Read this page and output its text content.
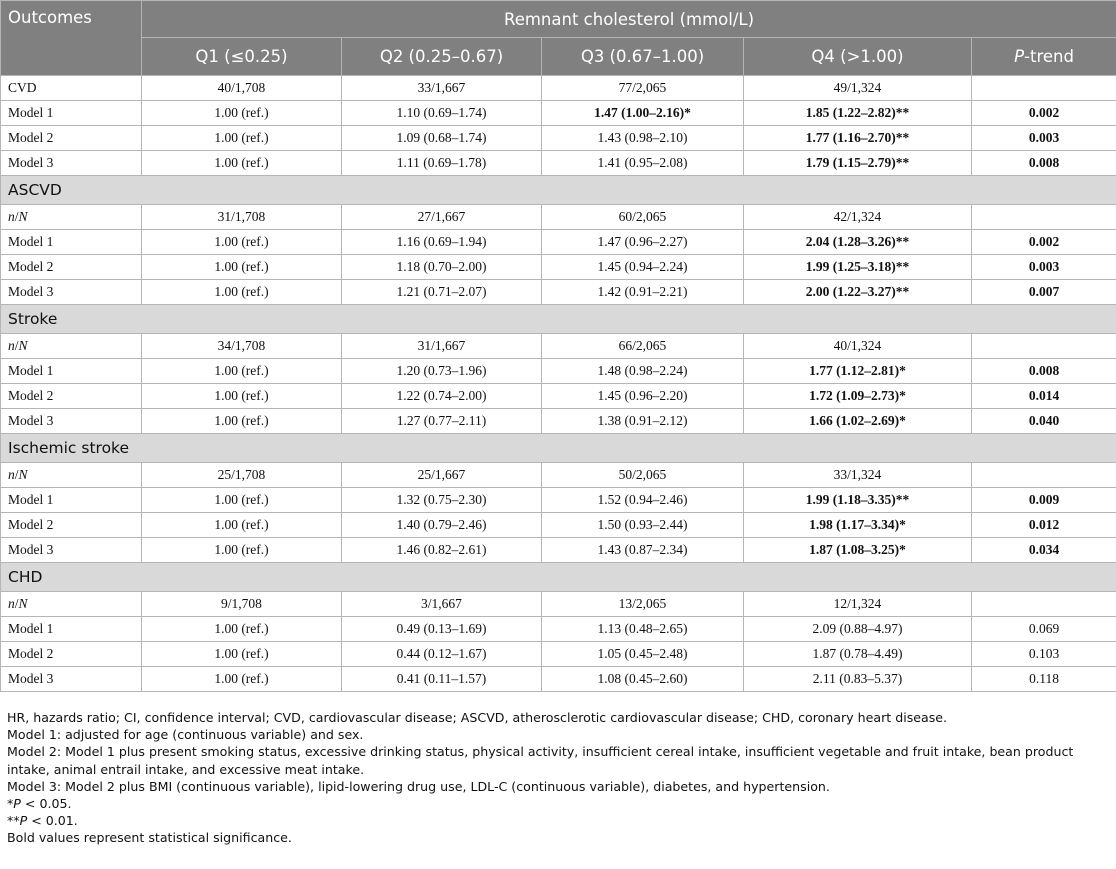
Outcomes	Remnant cholesterol (mmol/L)				
	Q1 (≤0.25)	Q2 (0.25–0.67)	Q3 (0.67–1.00)	Q4 (>1.00)	P-trend
CVD	40/1,708	33/1,667	77/2,065	49/1,324	
Model 1	1.00 (ref.)	1.10 (0.69–1.74)	1.47 (1.00–2.16)*	1.85 (1.22–2.82)**	0.002
Model 2	1.00 (ref.)	1.09 (0.68–1.74)	1.43 (0.98–2.10)	1.77 (1.16–2.70)**	0.003
Model 3	1.00 (ref.)	1.11 (0.69–1.78)	1.41 (0.95–2.08)	1.79 (1.15–2.79)**	0.008
ASCVD					
n/N	31/1,708	27/1,667	60/2,065	42/1,324	
Model 1	1.00 (ref.)	1.16 (0.69–1.94)	1.47 (0.96–2.27)	2.04 (1.28–3.26)**	0.002
Model 2	1.00 (ref.)	1.18 (0.70–2.00)	1.45 (0.94–2.24)	1.99 (1.25–3.18)**	0.003
Model 3	1.00 (ref.)	1.21 (0.71–2.07)	1.42 (0.91–2.21)	2.00 (1.22–3.27)**	0.007
Stroke					
n/N	34/1,708	31/1,667	66/2,065	40/1,324	
Model 1	1.00 (ref.)	1.20 (0.73–1.96)	1.48 (0.98–2.24)	1.77 (1.12–2.81)*	0.008
Model 2	1.00 (ref.)	1.22 (0.74–2.00)	1.45 (0.96–2.20)	1.72 (1.09–2.73)*	0.014
Model 3	1.00 (ref.)	1.27 (0.77–2.11)	1.38 (0.91–2.12)	1.66 (1.02–2.69)*	0.040
Ischemic stroke					
n/N	25/1,708	25/1,667	50/2,065	33/1,324	
Model 1	1.00 (ref.)	1.32 (0.75–2.30)	1.52 (0.94–2.46)	1.99 (1.18–3.35)**	0.009
Model 2	1.00 (ref.)	1.40 (0.79–2.46)	1.50 (0.93–2.44)	1.98 (1.17–3.34)*	0.012
Model 3	1.00 (ref.)	1.46 (0.82–2.61)	1.43 (0.87–2.34)	1.87 (1.08–3.25)*	0.034
CHD					
n/N	9/1,708	3/1,667	13/2,065	12/1,324	
Model 1	1.00 (ref.)	0.49 (0.13–1.69)	1.13 (0.48–2.65)	2.09 (0.88–4.97)	0.069
Model 2	1.00 (ref.)	0.44 (0.12–1.67)	1.05 (0.45–2.48)	1.87 (0.78–4.49)	0.103
Model 3	1.00 (ref.)	0.41 (0.11–1.57)	1.08 (0.45–2.60)	2.11 (0.83–5.37)	0.118

HR, hazards ratio; CI, confidence interval; CVD, cardiovascular disease; ASCVD, atherosclerotic cardiovascular disease; CHD, coronary heart disease.

Model 1: adjusted for age (continuous variable) and sex.

Model 2: Model 1 plus present smoking status, excessive drinking status, physical activity, insufficient cereal intake, insufficient vegetable and fruit intake, bean product intake, animal entrail intake, and excessive meat intake.

Model 3: Model 2 plus BMI (continuous variable), lipid-lowering drug use, LDL-C (continuous variable), diabetes, and hypertension.

*P < 0.05.

**P < 0.01.

Bold values represent statistical significance.
